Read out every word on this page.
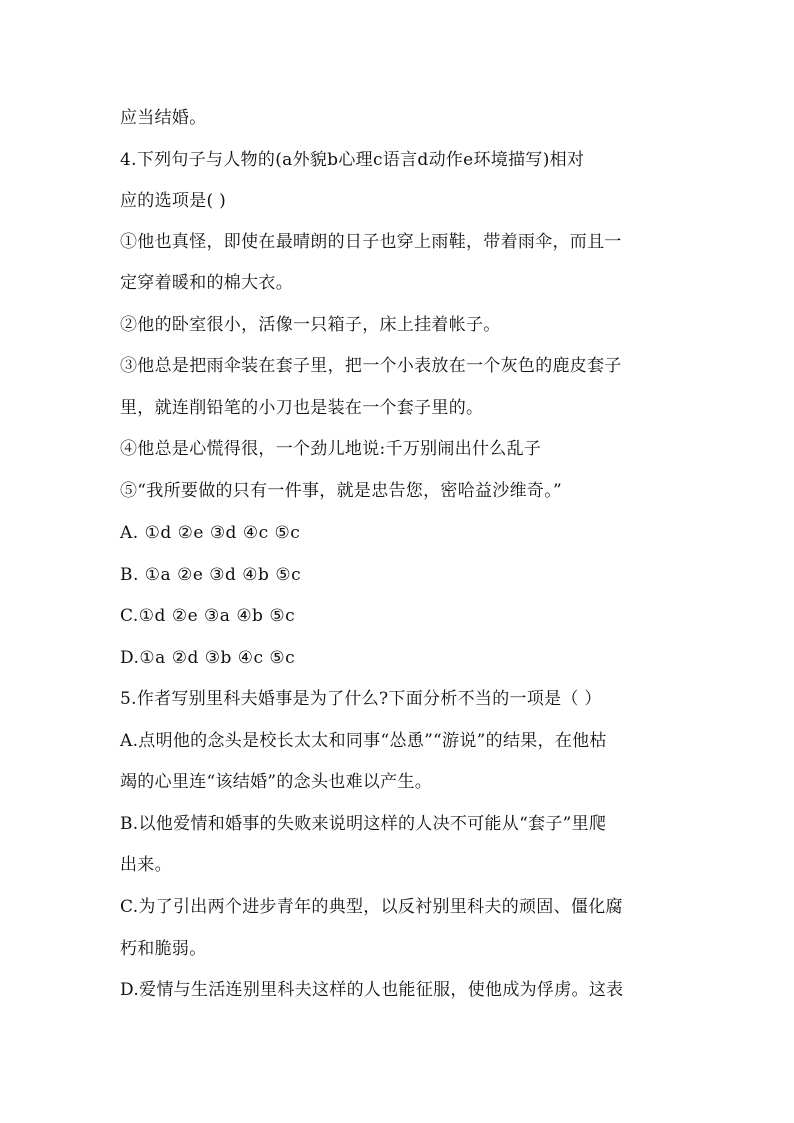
应当结婚。
4.下列句子与人物的(a外貌b心理c语言d动作e环境描写)相对
应的选项是( )
①他也真怪，即使在最晴朗的日子也穿上雨鞋，带着雨伞，而且一
定穿着暖和的棉大衣。
②他的卧室很小，活像一只箱子，床上挂着帐子。
③他总是把雨伞装在套子里，把一个小表放在一个灰色的鹿皮套子
里，就连削铅笔的小刀也是装在一个套子里的。
④他总是心慌得很，一个劲儿地说:千万别闹出什么乱子
⑤“我所要做的只有一件事，就是忠告您，密哈益沙维奇。”
A. ①d ②e ③d ④c ⑤c
B. ①a ②e ③d ④b ⑤c
C.①d ②e ③a ④b ⑤c
D.①a ②d ③b ④c ⑤c
5.作者写别里科夫婚事是为了什么?下面分析不当的一项是（ ）
A.点明他的念头是校长太太和同事“怂恿”“游说”的结果，在他枯
竭的心里连“该结婚”的念头也难以产生。
B.以他爱情和婚事的失败来说明这样的人决不可能从“套子”里爬
出来。
C.为了引出两个进步青年的典型，以反衬别里科夫的顽固、僵化腐
朽和脆弱。
D.爱情与生活连别里科夫这样的人也能征服，使他成为俘虏。这表
